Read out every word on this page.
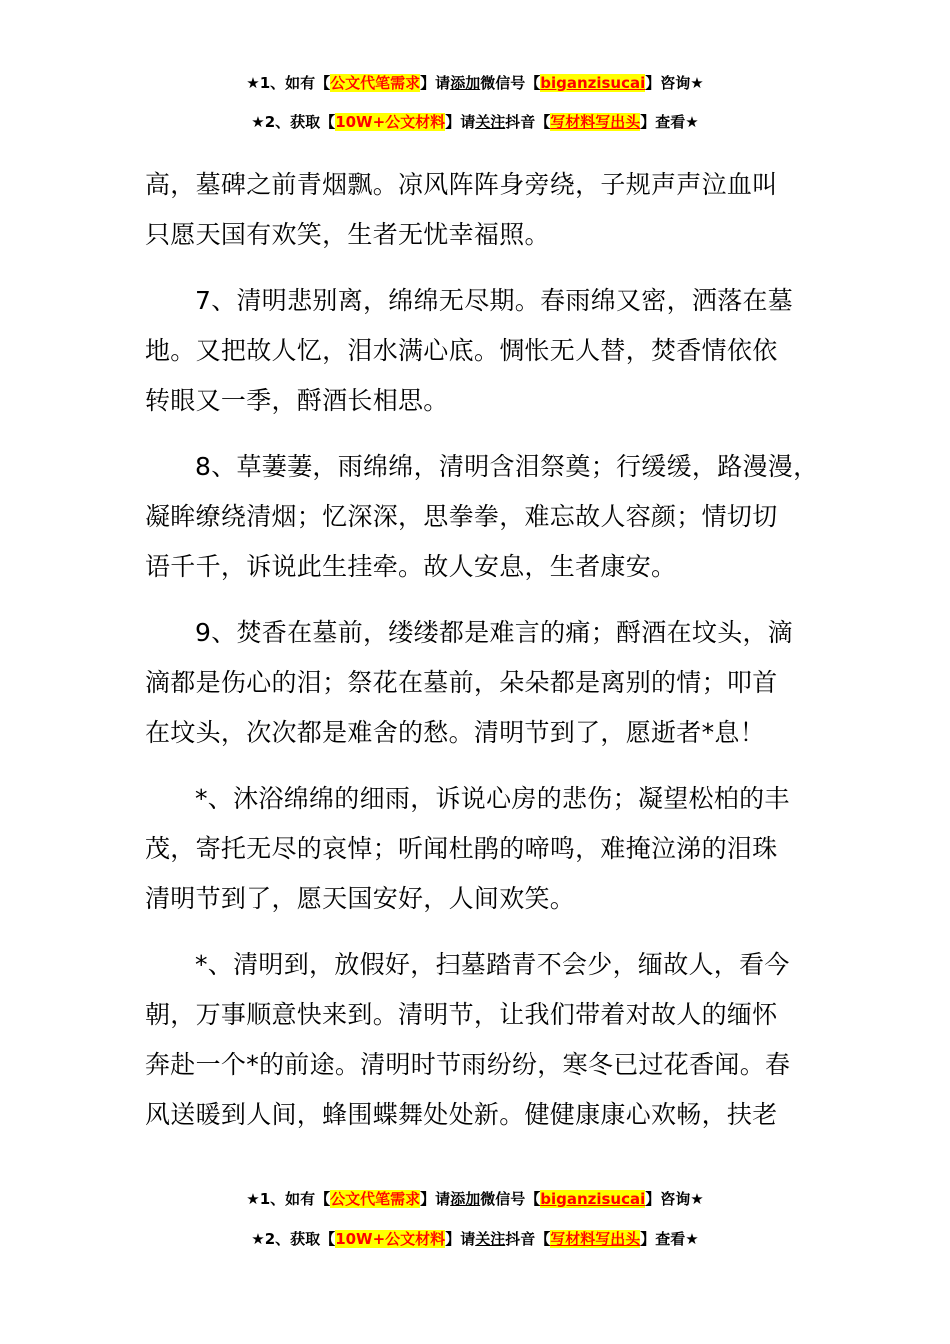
★1、如有【公文代笔需求】请添加微信号【biganzisucai】咨询★
★2、获取【10W+公文材料】请关注抖音【写材料写出头】查看★

高，墓碑之前青烟飘。凉风阵阵身旁绕，子规声声泣血叫
只愿天国有欢笑，生者无忧幸福照。

7、清明悲别离，绵绵无尽期。春雨绵又密，洒落在墓
地。又把故人忆，泪水满心底。惆怅无人替，焚香情依依
转眼又一季，酹酒长相思。

8、草萋萋，雨绵绵，清明含泪祭奠；行缓缓，路漫漫，
凝眸缭绕清烟；忆深深，思拳拳，难忘故人容颜；情切切
语千千，诉说此生挂牵。故人安息，生者康安。

9、焚香在墓前，缕缕都是难言的痛；酹酒在坟头，滴
滴都是伤心的泪；祭花在墓前，朵朵都是离别的情；叩首
在坟头，次次都是难舍的愁。清明节到了，愿逝者*息！

*、沐浴绵绵的细雨，诉说心房的悲伤；凝望松柏的丰
茂，寄托无尽的哀悼；听闻杜鹃的啼鸣，难掩泣涕的泪珠
清明节到了，愿天国安好，人间欢笑。

*、清明到，放假好，扫墓踏青不会少，缅故人，看今
朝，万事顺意快来到。清明节，让我们带着对故人的缅怀
奔赴一个*的前途。清明时节雨纷纷，寒冬已过花香闻。春
风送暖到人间，蜂围蝶舞处处新。健健康康心欢畅，扶老

★1、如有【公文代笔需求】请添加微信号【biganzisucai】咨询★
★2、获取【10W+公文材料】请关注抖音【写材料写出头】查看★
